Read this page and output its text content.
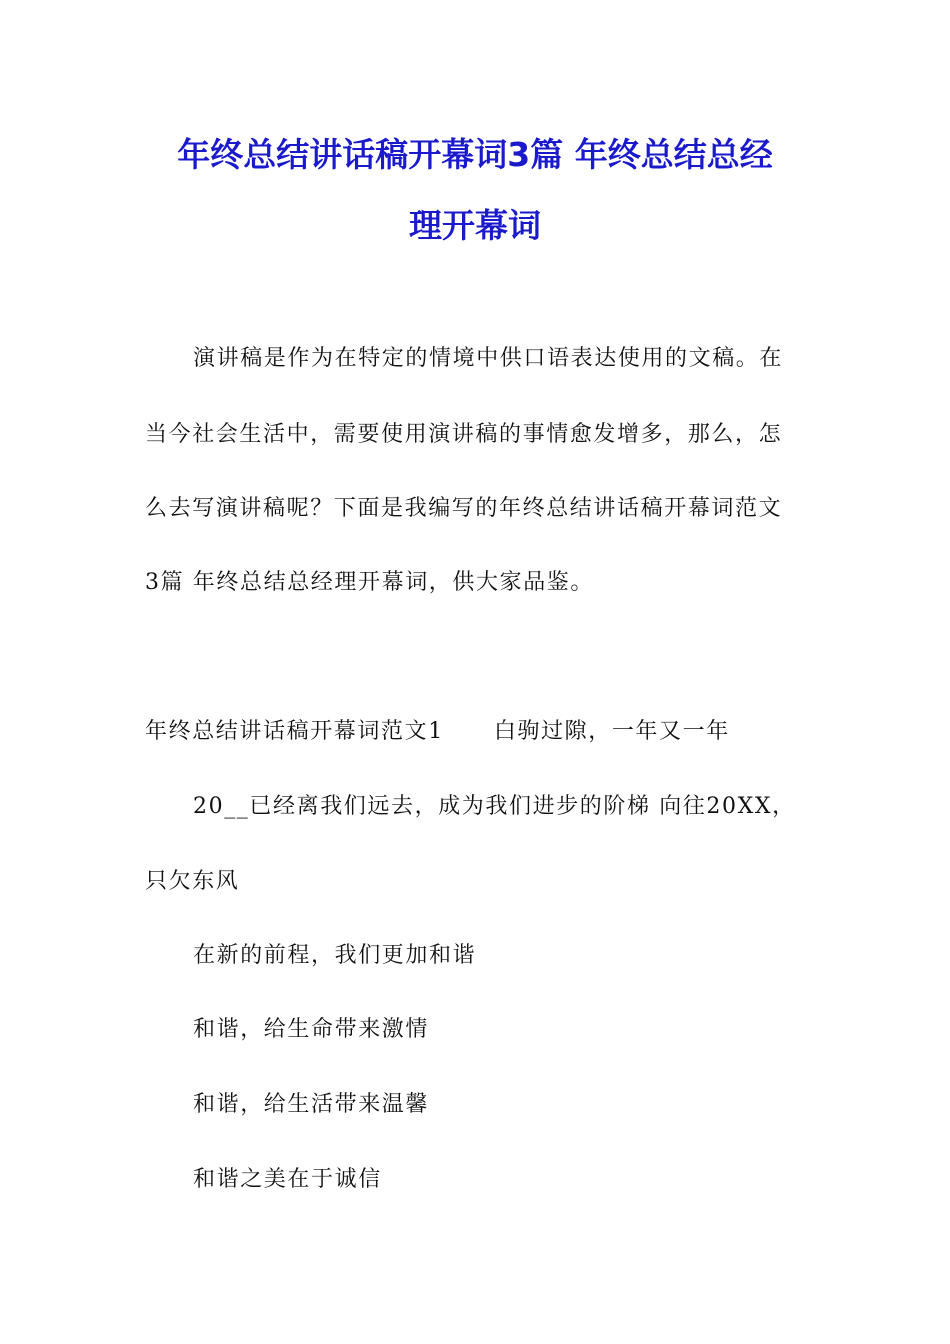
年终总结讲话稿开幕词3篇 年终总结总经
理开幕词

演讲稿是作为在特定的情境中供口语表达使用的文稿。在

当今社会生活中，需要使用演讲稿的事情愈发增多，那么，怎

么去写演讲稿呢？下面是我编写的年终总结讲话稿开幕词范文

3篇 年终总结总经理开幕词，供大家品鉴。

年终总结讲话稿开幕词范文1 白驹过隙，一年又一年

20__已经离我们远去，成为我们进步的阶梯 向往20XX，

只欠东风

在新的前程，我们更加和谐

和谐，给生命带来激情

和谐，给生活带来温馨

和谐之美在于诚信
